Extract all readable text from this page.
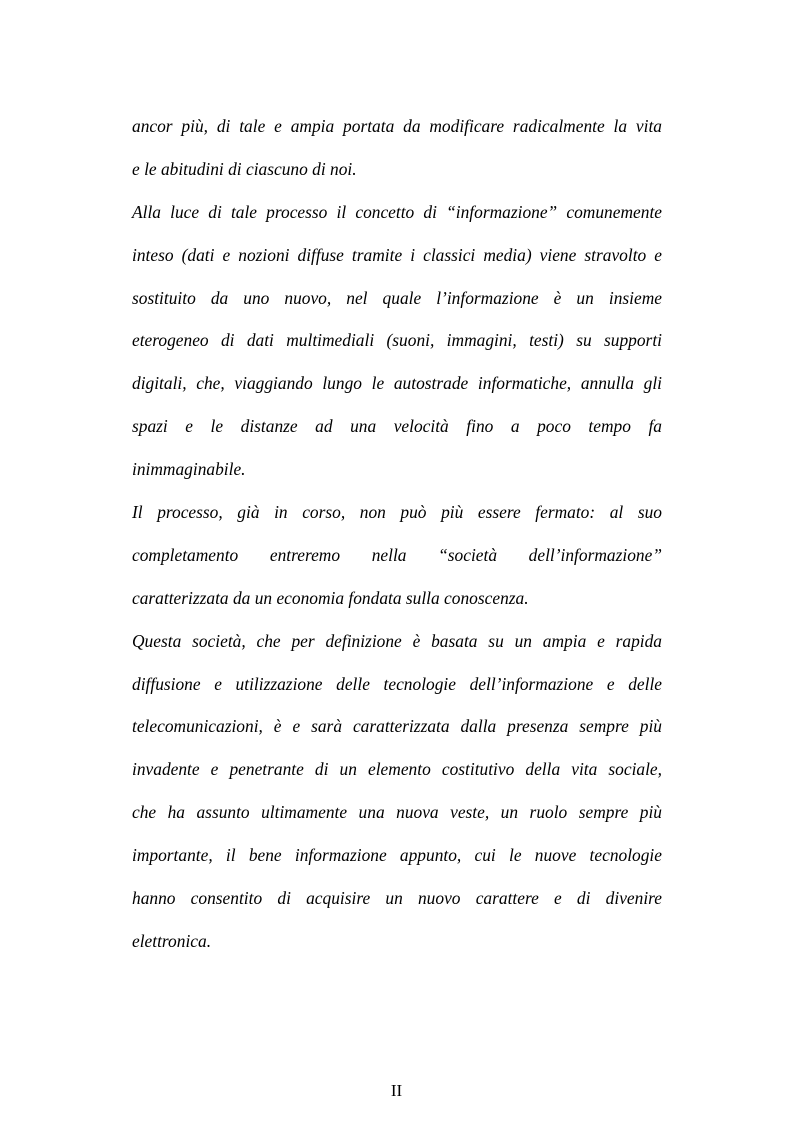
ancor più, di tale e ampia portata da modificare radicalmente la vita
e le abitudini di ciascuno di noi.
Alla luce di tale processo il concetto di “informazione” comunemente
inteso (dati e nozioni diffuse tramite i classici media) viene stravolto e
sostituito da uno nuovo, nel quale l’informazione è un insieme
eterogeneo di dati multimediali (suoni, immagini, testi) su supporti
digitali, che, viaggiando lungo le autostrade informatiche, annulla gli
spazi e le distanze ad una velocità fino a poco tempo fa
inimmaginabile.
Il processo, già in corso, non può più essere fermato: al suo
completamento entreremo nella “società dell’informazione”
caratterizzata da un economia fondata sulla conoscenza.
Questa società, che per definizione è basata su un ampia e rapida
diffusione e utilizzazione delle tecnologie dell’informazione e delle
telecomunicazioni, è e sarà caratterizzata dalla presenza sempre più
invadente e penetrante di un elemento costitutivo della vita sociale,
che ha assunto ultimamente una nuova veste, un ruolo sempre più
importante, il bene informazione appunto, cui le nuove tecnologie
hanno consentito di acquisire un nuovo carattere e di divenire
elettronica.
II
